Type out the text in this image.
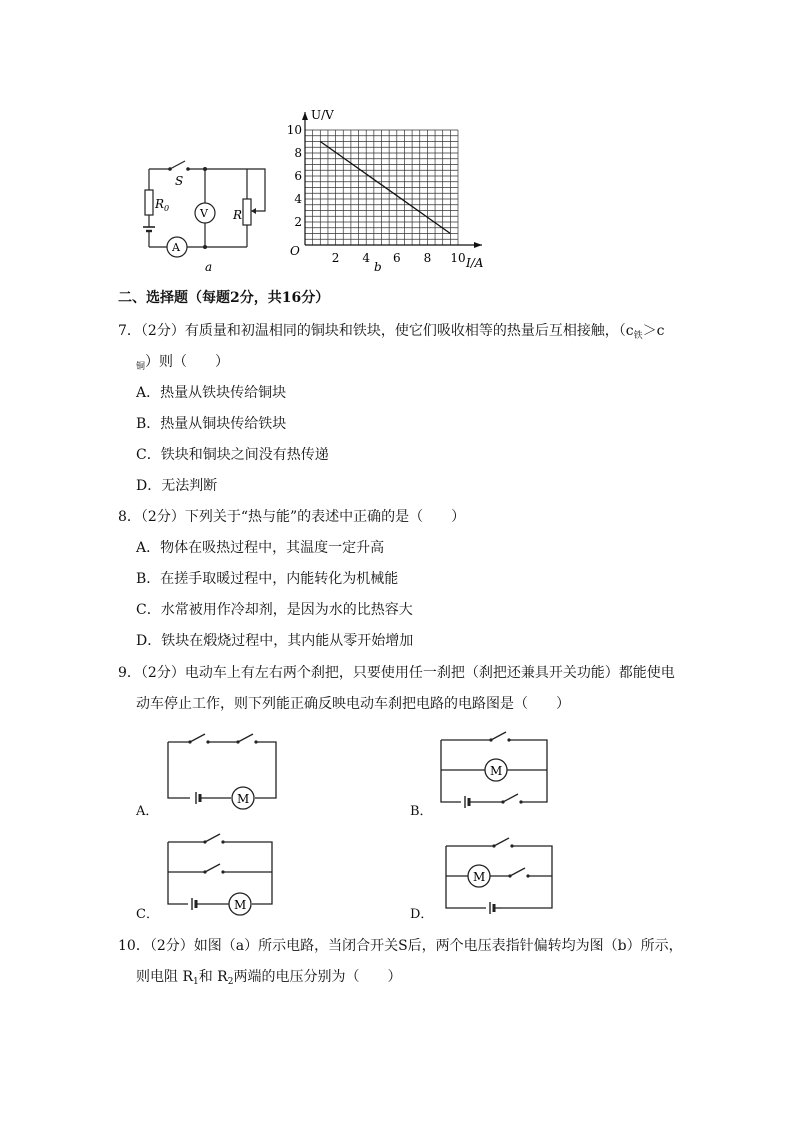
S
$R_0$	V
A
R
a
2 4 6 8 10
2
4
6
8
10
O
U/V
I/A
b
二、选择题（每题2分，共16分）
7．（2分）有质量和初温相同的铜块和铁块，使它们吸收相等的热量后互相接触，（$c_铁>c$
$_铜$）则（　　）
A．热量从铁块传给铜块
B．热量从铜块传给铁块
C．铁块和铜块之间没有热传递
D．无法判断
8．（2分）下列关于“热与能”的表述中正确的是（　　）
A．物体在吸热过程中，其温度一定升高
B．在搓手取暖过程中，内能转化为机械能
C．水常被用作冷却剂，是因为水的比热容大
D．铁块在煅烧过程中，其内能从零开始增加
9．（2分）电动车上有左右两个刹把，只要使用任一刹把（刹把还兼具开关功能）都能使电
动车停止工作，则下列能正确反映电动车刹把电路的电路图是（　　）
A．
M
B．
M
C．
M
D．
M
10．（2分）如图（a）所示电路，当闭合开关S后，两个电压表指针偏转均为图（b）所示，
则电阻 $R_1$和 $R_2$两端的电压分别为（　　）
